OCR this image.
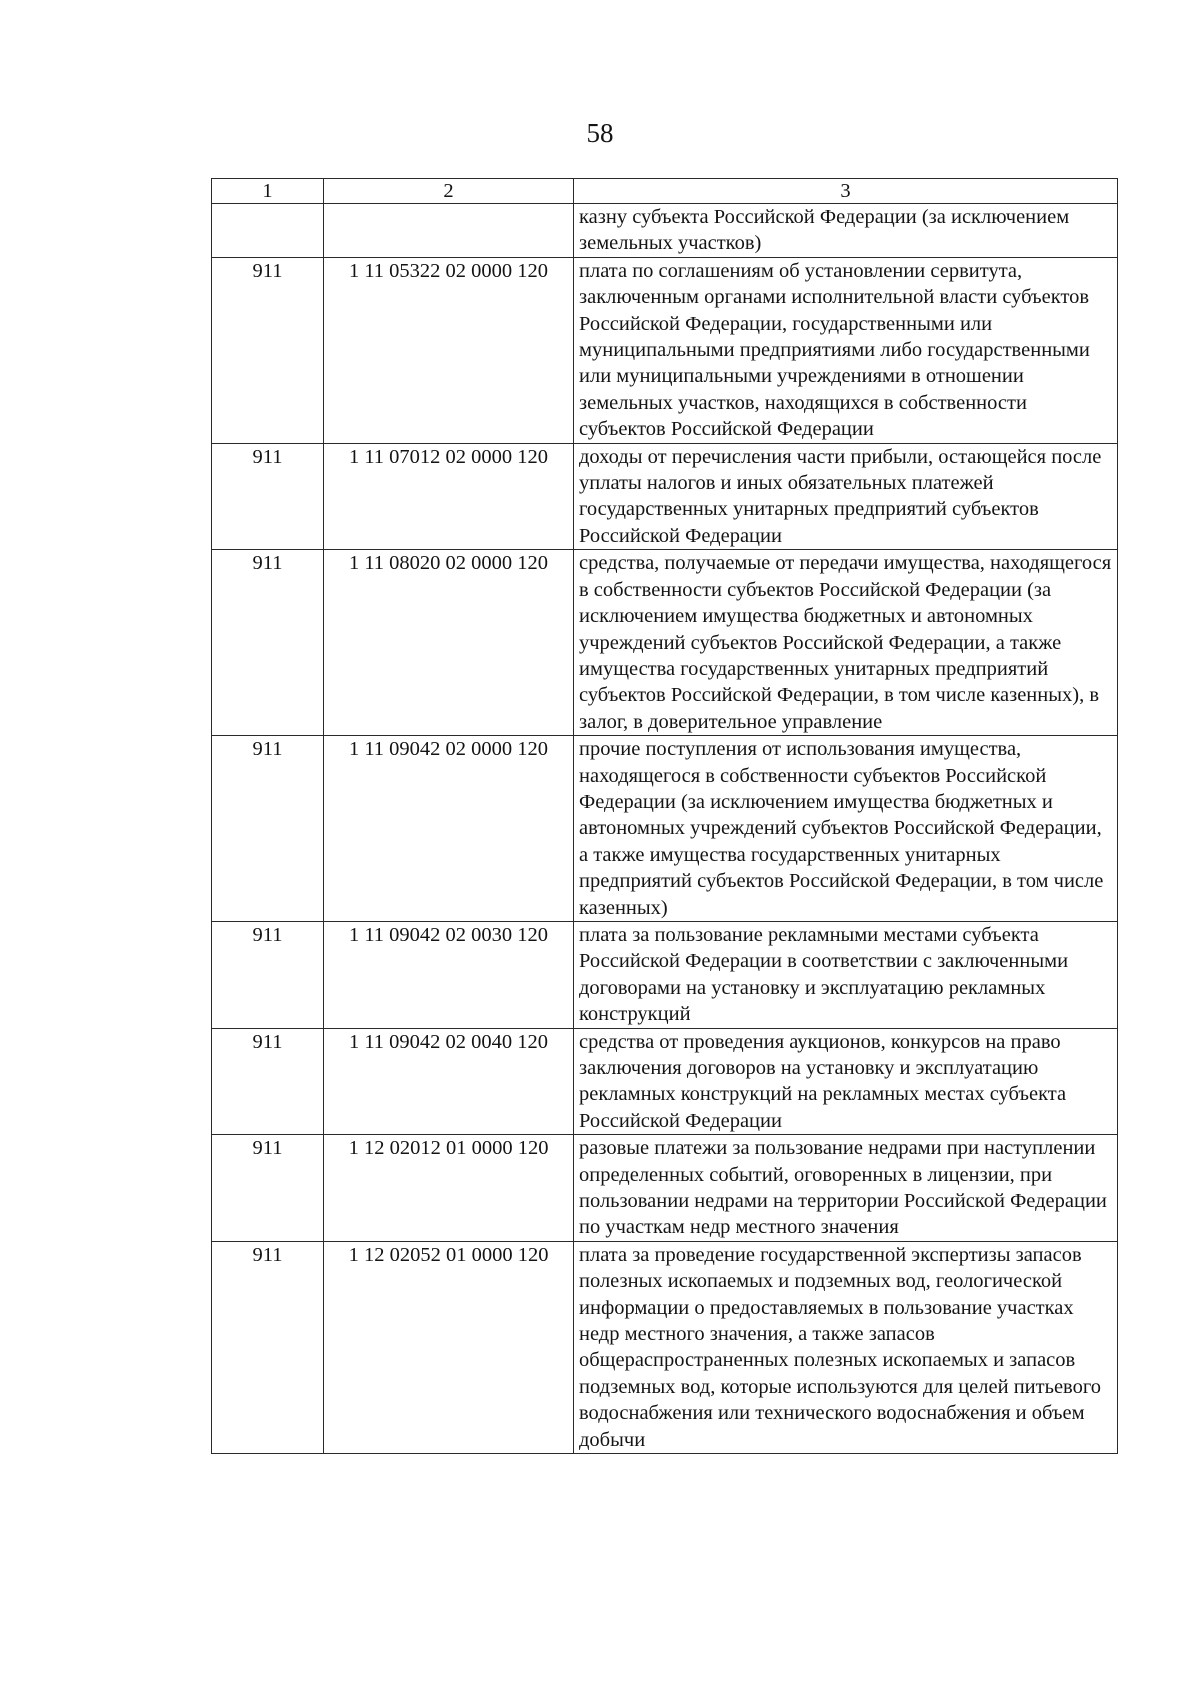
58
1	2	3
		казну субъекта Российской Федерации (за исключением земельных участков)
911	1 11 05322 02 0000 120	плата по соглашениям об установлении сервитута, заключенным органами исполнительной власти субъектов Российской Федерации, государственными или муниципальными предприятиями либо государственными или муниципальными учреждениями в отношении земельных участков, находящихся в собственности субъектов Российской Федерации
911	1 11 07012 02 0000 120	доходы от перечисления части прибыли, остающейся после уплаты налогов и иных обязательных платежей государственных унитарных предприятий субъектов Российской Федерации
911	1 11 08020 02 0000 120	средства, получаемые от передачи имущества, находящегося в собственности субъектов Российской Федерации (за исключением имущества бюджетных и автономных учреждений субъектов Российской Федерации, а также имущества государственных унитарных предприятий субъектов Российской Федерации, в том числе казенных), в залог, в доверительное управление
911	1 11 09042 02 0000 120	прочие поступления от использования имущества, находящегося в собственности субъектов Российской Федерации (за исключением имущества бюджетных и автономных учреждений субъектов Российской Федерации, а также имущества государственных унитарных предприятий субъектов Российской Федерации, в том числе казенных)
911	1 11 09042 02 0030 120	плата за пользование рекламными местами субъекта Российской Федерации в соответствии с заключенными договорами на установку и эксплуатацию рекламных конструкций
911	1 11 09042 02 0040 120	средства от проведения аукционов, конкурсов на право заключения договоров на установку и эксплуатацию рекламных конструкций на рекламных местах субъекта Российской Федерации
911	1 12 02012 01 0000 120	разовые платежи за пользование недрами при наступлении определенных событий, оговоренных в лицензии, при пользовании недрами на территории Российской Федерации по участкам недр местного значения
911	1 12 02052 01 0000 120	плата за проведение государственной экспертизы запасов полезных ископаемых и подземных вод, геологической информации о предоставляемых в пользование участках недр местного значения, а также запасов общераспространенных полезных ископаемых и запасов подземных вод, которые используются для целей питьевого водоснабжения или технического водоснабжения и объем добычи
